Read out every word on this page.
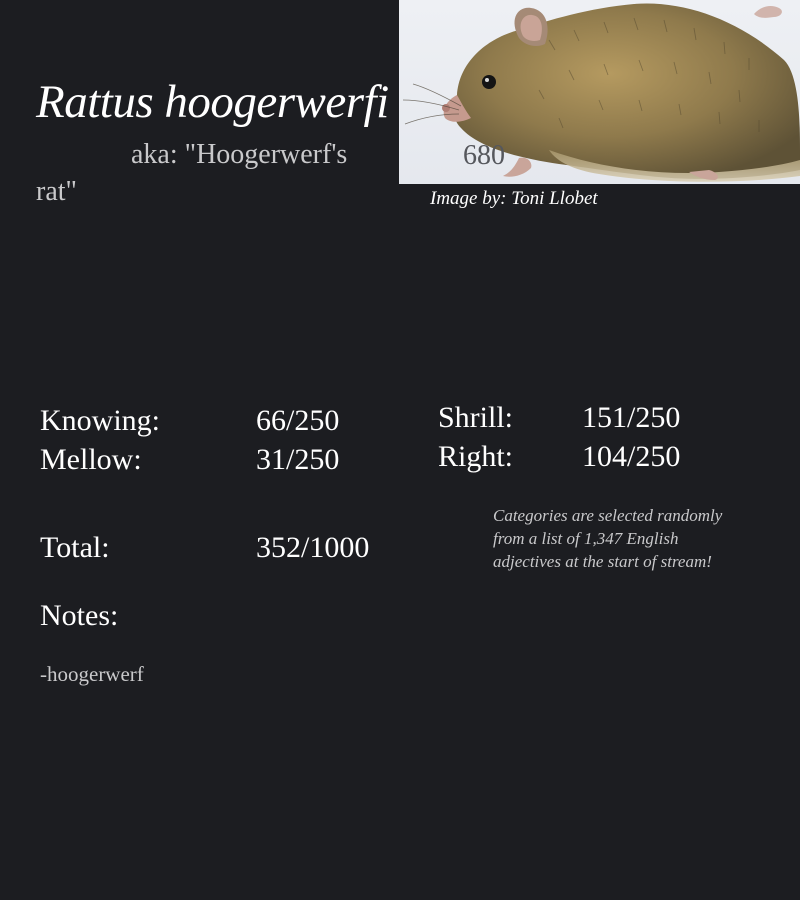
Rattus hoogerwerfi
aka: "Hoogerwerf's rat"
680
Image by: Toni Llobet
Knowing:	66/250
Mellow:	31/250
Shrill: 151/250
Right: 104/250
Total:	352/1000
Categories are selected randomly from a list of 1,347 English adjectives at the start of stream!
Notes:
-hoogerwerf
